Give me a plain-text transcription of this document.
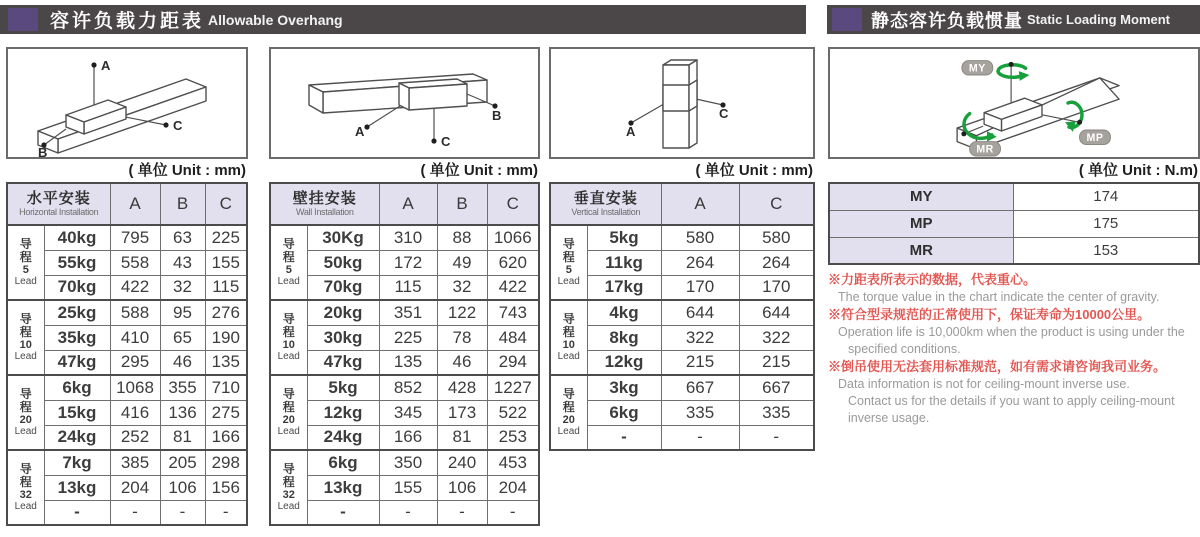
容许负载力距表 Allowable Overhang	静态容许负载惯量 Static Loading Moment
A
C
B
( 单位 Unit : mm)
水平安装
Horizontal Installation		A	B	C

导
程
5
Lead	40kg	795	63	225
	55kg	558	43	155
	70kg	422	32	115

导
程
10
Lead	25kg	588	95	276
	35kg	410	65	190
	47kg	295	46	135

导
程
20
Lead	6kg	1068	355	710
	15kg	416	136	275
	24kg	252	81	166

导
程
32
Lead	7kg	385	205	298
	13kg	204	106	156
	-	-	-	-
A
B
C
( 单位 Unit : mm)
壁挂安装
Wall Installation		A	B	C

导
程
5
Lead	30Kg	310	88	1066
	50kg	172	49	620
	70kg	115	32	422

导
程
10
Lead	20kg	351	122	743
	30kg	225	78	484
	47kg	135	46	294

导
程
20
Lead	5kg	852	428	1227
	12kg	345	173	522
	24kg	166	81	253

导
程
32
Lead	6kg	350	240	453
	13kg	155	106	204
	-	-	-	-
A
C
( 单位 Unit : mm)
垂直安装
Vertical Installation		A	C

导
程
5
Lead	5kg	580	580
	11kg	264	264
	17kg	170	170

导
程
10
Lead	4kg	644	644
	8kg	322	322
	12kg	215	215

导
程
20
Lead	3kg	667	667
	6kg	335	335
	-	-	-
MY
MP
MR
( 单位 Unit : N.m)
MY	174
MP	175
MR	153
※力距表所表示的数据，代表重心。
The torque value in the chart indicate the center of gravity.
※符合型录规范的正常使用下，保证寿命为10000公里。
Operation life is 10,000km when the product is using under the
specified conditions.
※倒吊使用无法套用标准规范，如有需求请咨询我司业务。
Data information is not for ceiling-mount inverse use.
Contact us for the details if you want to apply ceiling-mount
inverse usage.
